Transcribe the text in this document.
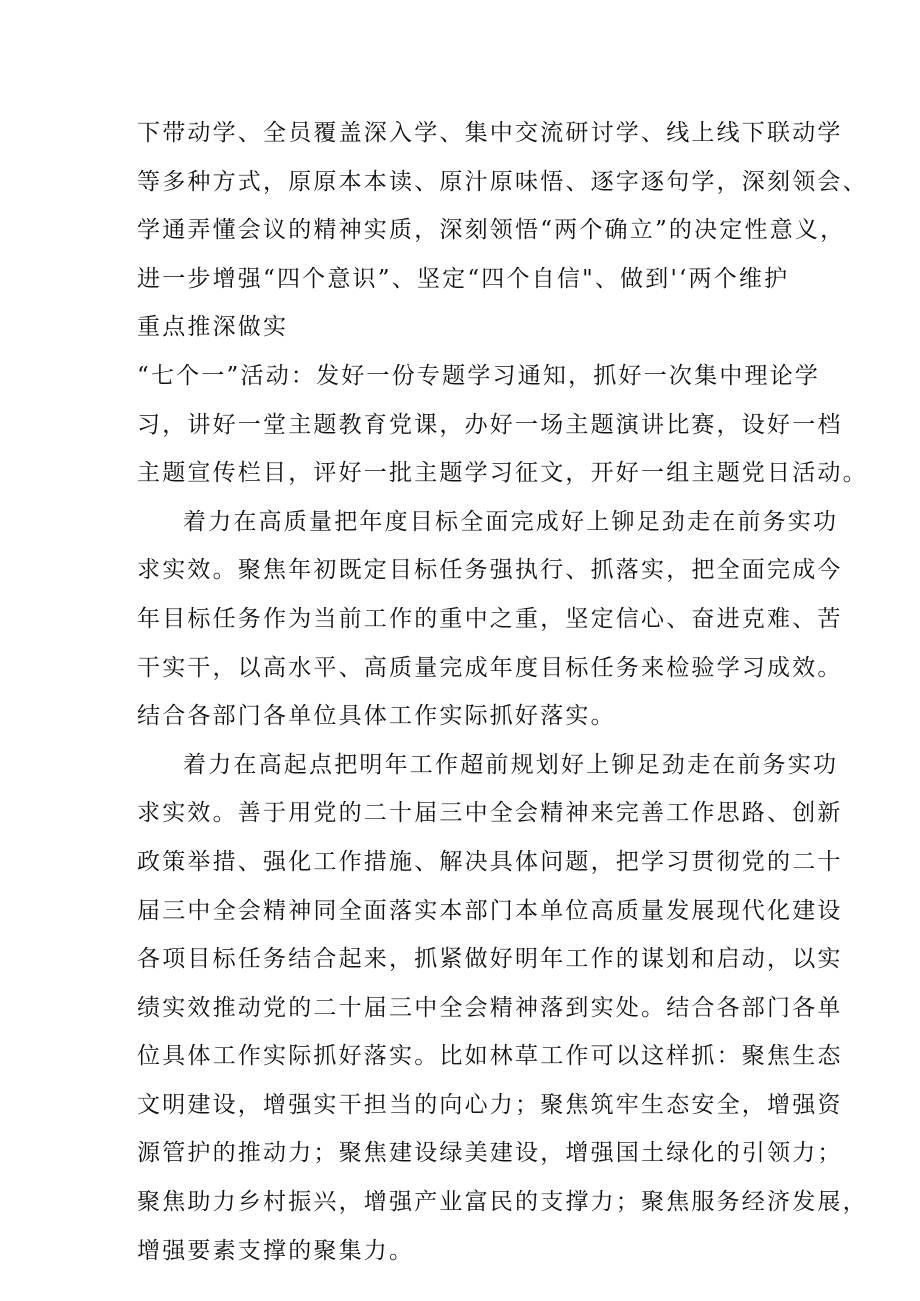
下带动学、全员覆盖深入学、集中交流研讨学、线上线下联动学

等多种方式，原原本本读、原汁原味悟、逐字逐句学，深刻领会、

学通弄懂会议的精神实质，深刻领悟“两个确立”的决定性意义，

进一步增强“四个意识”、坚定“四个自信"、做到'‘两个维护

重点推深做实

“七个一”活动：发好一份专题学习通知，抓好一次集中理论学

习，讲好一堂主题教育党课，办好一场主题演讲比赛，设好一档

主题宣传栏目，评好一批主题学习征文，开好一组主题党日活动。

着力在高质量把年度目标全面完成好上铆足劲走在前务实功

求实效。聚焦年初既定目标任务强执行、抓落实，把全面完成今

年目标任务作为当前工作的重中之重，坚定信心、奋进克难、苦

干实干，以高水平、高质量完成年度目标任务来检验学习成效。

结合各部门各单位具体工作实际抓好落实。

着力在高起点把明年工作超前规划好上铆足劲走在前务实功

求实效。善于用党的二十届三中全会精神来完善工作思路、创新

政策举措、强化工作措施、解决具体问题，把学习贯彻党的二十

届三中全会精神同全面落实本部门本单位高质量发展现代化建设

各项目标任务结合起来，抓紧做好明年工作的谋划和启动，以实

绩实效推动党的二十届三中全会精神落到实处。结合各部门各单

位具体工作实际抓好落实。比如林草工作可以这样抓：聚焦生态

文明建设，增强实干担当的向心力；聚焦筑牢生态安全，增强资

源管护的推动力；聚焦建设绿美建设，增强国土绿化的引领力；

聚焦助力乡村振兴，增强产业富民的支撑力；聚焦服务经济发展，

增强要素支撑的聚集力。
